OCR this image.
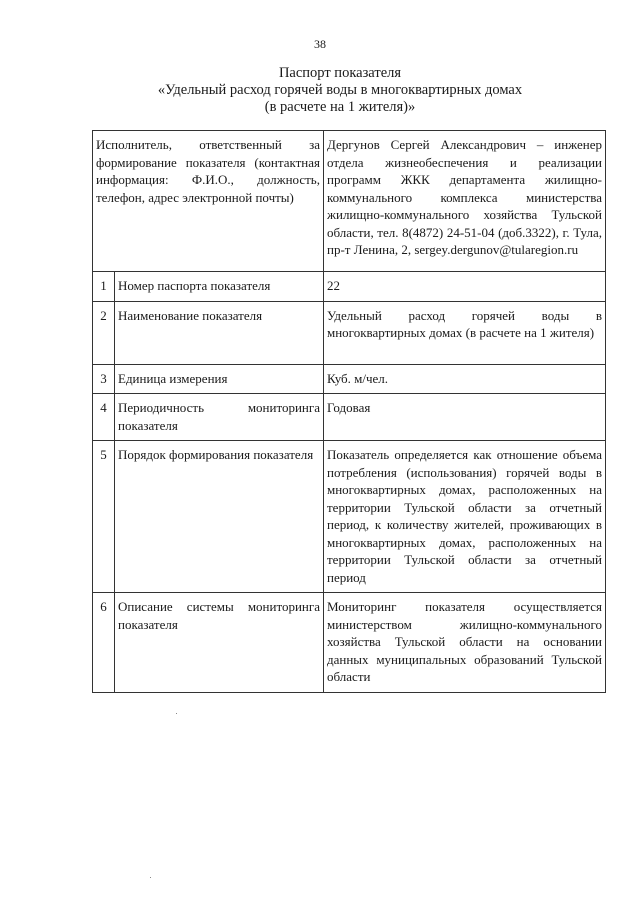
38
Паспорт показателя
«Удельный расход горячей воды в многоквартирных домах
(в расчете на 1 жителя)»
Исполнитель, ответственный за формирование показателя (контактная информация: Ф.И.О., должность, телефон, адрес электронной почты)		Дергунов Сергей Александрович – инженер отдела жизнеобеспечения и реализации программ ЖКК департамента жилищно-коммунального комплекса министерства жилищно-коммунального хозяйства Тульской области, тел. 8(4872) 24-51-04 (доб.3322), г. Тула, пр-т Ленина, 2, sergey.dergunov@tularegion.ru
1	Номер паспорта показателя	22
2	Наименование показателя	Удельный расход горячей воды в многоквартирных домах (в расчете на 1 жителя)
3	Единица измерения	Куб. м/чел.
4	Периодичность мониторинга показателя	Годовая
5	Порядок формирования показателя	Показатель определяется как отношение объема потребления (использования) горячей воды в многоквартирных домах, расположенных на территории Тульской области за отчетный период, к количеству жителей, проживающих в многоквартирных домах, расположенных на территории Тульской области за отчетный период
6	Описание системы мониторинга показателя	Мониторинг показателя осуществляется министерством жилищно-коммунального хозяйства Тульской области на основании данных муниципальных образований Тульской области
